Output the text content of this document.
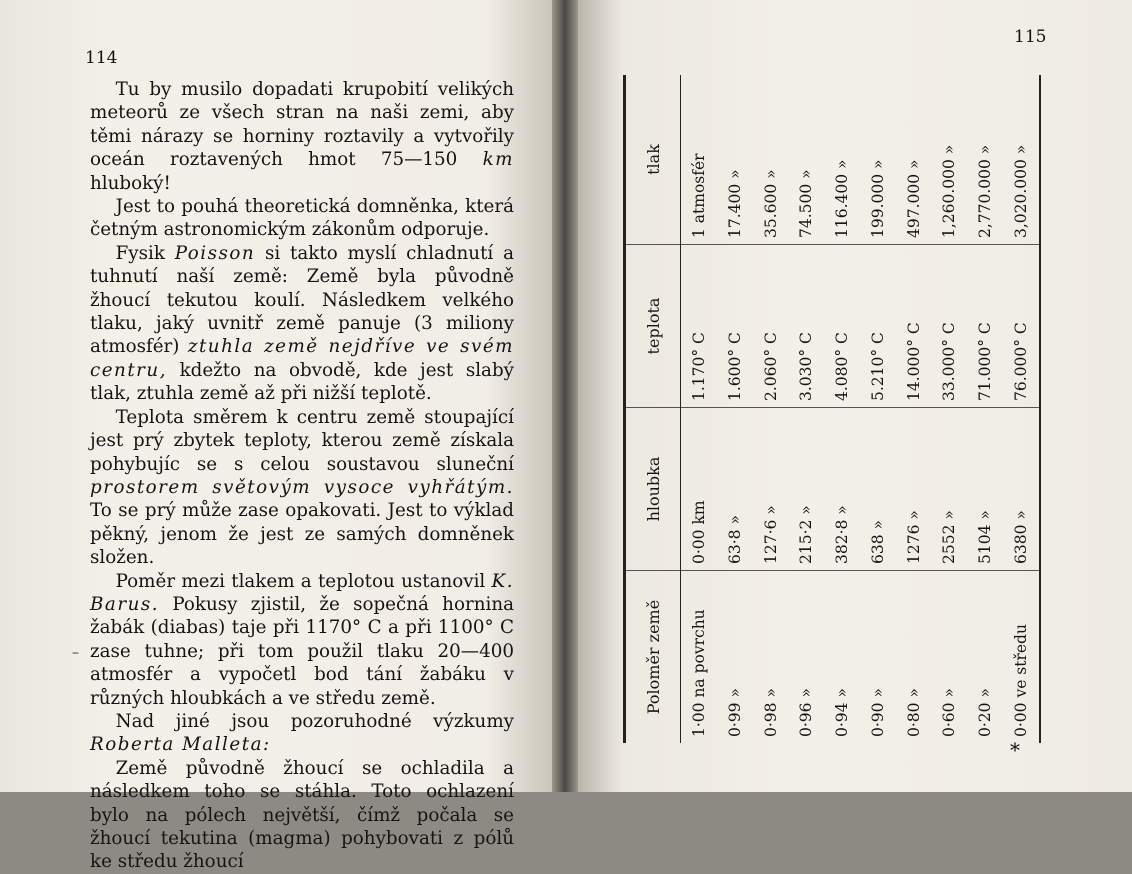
114

Tu by musilo dopadati krupobití velikých meteorů ze všech stran na naši zemi, aby těmi nárazy se horniny roztavily a vytvořily oceán roztavených hmot 75—150 km hluboký!

Jest to pouhá theoretická domněnka, která četným astronomickým zákonům odporuje.

Fysik Poisson si takto myslí chladnutí a tuhnutí naší země: Země byla původně žhoucí tekutou koulí. Následkem velkého tlaku, jaký uvnitř země panuje (3 miliony atmosfér) ztuhla země nejdříve ve svém centru, kdežto na obvodě, kde jest slabý tlak, ztuhla země až při nižší teplotě.

Teplota směrem k centru země stoupající jest prý zbytek teploty, kterou země získala pohybujíc se s celou soustavou sluneční prostorem světovým vysoce vyhřátým. To se prý může zase opakovati. Jest to výklad pěkný, jenom že jest ze samých domněnek složen.

Poměr mezi tlakem a teplotou ustanovil K. Barus. Pokusy zjistil, že sopečná hornina žabák (diabas) taje při 1170° C a při 1100° C zase tuhne; při tom použil tlaku 20—400 atmosfér a vypočetl bod tání žabáku v různých hloubkách a ve středu země.

Nad jiné jsou pozoruhodné výzkumy Roberta Malleta:

Země původně žhoucí se ochladila a následkem toho se stáhla. Toto ochlazení bylo na pólech největší, čímž počala se žhoucí tekutina (magma) pohybovati z pólů ke středu žhoucí

–
115
Poloměr země	hloubka	teplota	tlak
1·00 na povrchu	0·00 km	1.170° C	1 atmosfér
0·99 »	63·8 »	1.600° C	17.400 »
0·98 »	127·6 »	2.060° C	35.600 »
0·96 »	215·2 »	3.030° C	74.500 »
0·94 »	382·8 »	4.080° C	116.400 »
0·90 »	638 »	5.210° C	199.000 »
0·80 »	1276 »	14.000° C	497.000 »
0·60 »	2552 »	33.000° C	1,260.000 »
0·20 »	5104 »	71.000° C	2,770.000 »
0·00 ve středu	6380 »	76.000° C	3,020.000 »
*
